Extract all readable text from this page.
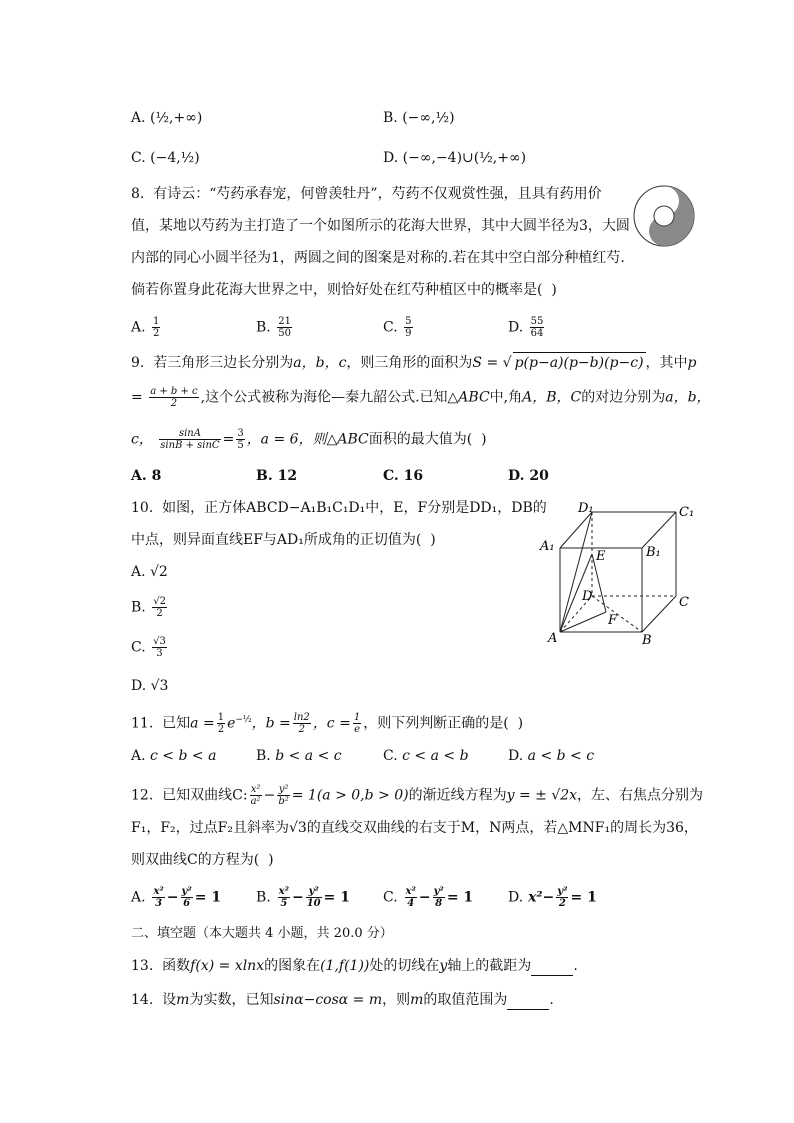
A. (½,+∞)	B. (−∞,½)
C. (−4,½)	D. (−∞,−4)∪(½,+∞)
8.  有诗云：“芍药承春宠，何曾羡牡丹”，芍药不仅观赏性强，且具有药用价
值，某地以芍药为主打造了一个如图所示的花海大世界，其中大圆半径为3，大圆
内部的同心小圆半径为1，两圆之间的图案是对称的.若在其中空白部分种植红芍.
倘若你置身此花海大世界之中，则恰好处在红芍种植区中的概率是(  )
A. $\frac{1}{2}$	B. $\frac{21}{50}$	C. $\frac{5}{9}$	D. $\frac{55}{64}$
9.  若三角形三边长分别为a，b，c，则三角形的面积为S = √ p(p−a)(p−b)(p−c) ，其中p
= $\frac{a + b + c}{2}$ ,这个公式被称为海伦—秦九韶公式.已知△ABC中,角A，B，C的对边分别为a，b，
c， $\frac{\sin A}{\sin B + \sin C} = \frac{3}{5}$ ，a = 6，则△ABC面积的最大值为(  )
A. 8	B. 12	C. 16	D. 20
10.  如图，正方体ABCD−A₁B₁C₁D₁中，E，F分别是DD₁，DB的
中点，则异面直线EF与AD₁所成角的正切值为(  )
A. √2
B. $\frac{√2}{2}$
C. $\frac{√3}{3}$
D. √3
D₁	C₁
A₁	B₁
E
D	C
F
A	B
11.  已知$a = \frac{1}{2} e^{-\frac{1}{2}}$，$b = \frac{\ln 2}{2}$ ，$c = \frac{1}{e}$ ，则下列判断正确的是(  )
A. c < b < a	B. b < a < c	C. c < a < b	D. a < b < c
12.  已知双曲线C: $\frac{\text{x²}}{\text{a²}} - \frac{\text{y²}}{\text{b²}} = 1(a > 0,b > 0)$的渐近线方程为y = ± √2x，左、右焦点分别为
F₁，F₂，过点F₂且斜率为√3的直线交双曲线的右支于M，N两点，若△MNF₁的周长为36，
则双曲线C的方程为(  )
A. $\frac{\text{x²}}{3} - \frac{\text{y²}}{6} = 1$ B. $\frac{\text{x²}}{5} - \frac{\text{y²}}{10} = 1$ C. $\frac{\text{x²}}{4} - \frac{\text{y²}}{8} = 1$ D. $x^2- \frac{\text{y²}}{2} = 1$
二、填空题（本大题共 4 小题，共 20.0 分）
13.  函数f(x) = xlnx的图象在(1,f(1))处的切线在y轴上的截距为	.
14.  设m为实数，已知sinα−cosα = m，则m的取值范围为	.
